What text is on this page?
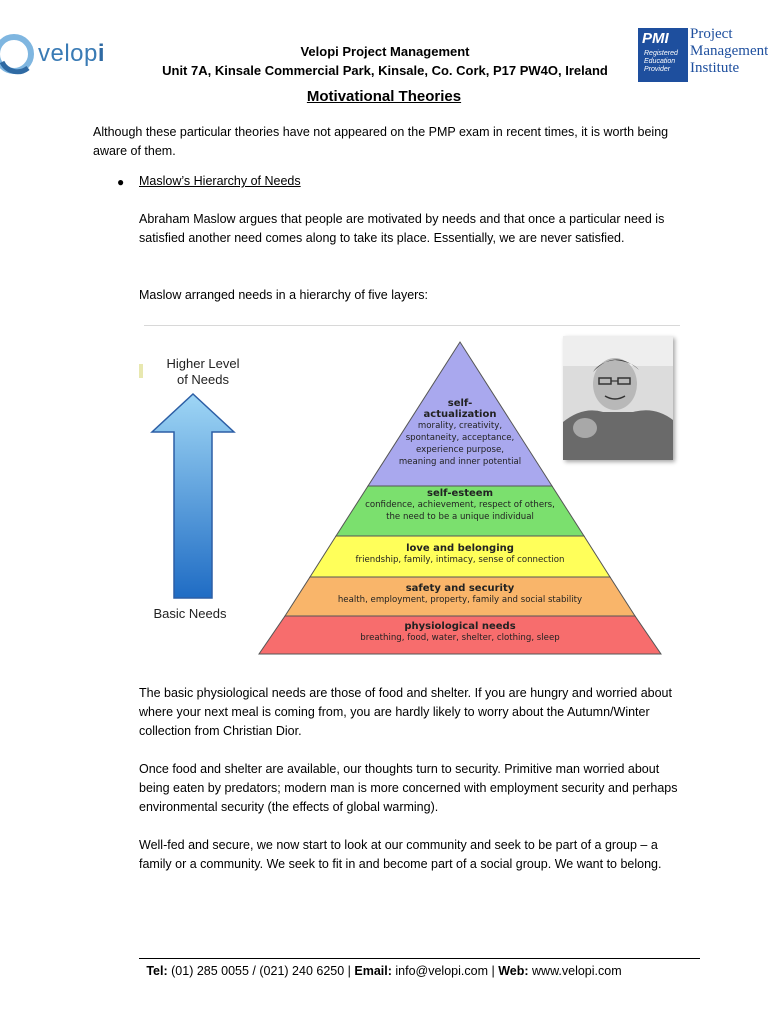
velopi	Velopi Project Management
Unit 7A, Kinsale Commercial Park, Kinsale, Co. Cork, P17 PW4O, Ireland
PMI
Registered
Education
Provider
Project
Management
Institute
Motivational Theories
Although these particular theories have not appeared on the PMP exam in recent times, it is worth being aware of them.
● Maslow’s Hierarchy of Needs
Abraham Maslow argues that people are motivated by needs and that once a particular need is satisfied another need comes along to take its place. Essentially, we are never satisfied.
Maslow arranged needs in a hierarchy of five layers:
Higher Level
of Needs
Basic Needs
self-
actualization
morality, creativity,
spontaneity, acceptance,
experience purpose,
meaning and inner potential
self-esteem
confidence, achievement, respect of others,
the need to be a unique individual
love and belonging
friendship, family, intimacy, sense of connection
safety and security
health, employment, property, family and social stability
physiological needs
breathing, food, water, shelter, clothing, sleep
The basic physiological needs are those of food and shelter. If you are hungry and worried about where your next meal is coming from, you are hardly likely to worry about the Autumn/Winter collection from Christian Dior.
Once food and shelter are available, our thoughts turn to security. Primitive man worried about being eaten by predators; modern man is more concerned with employment security and perhaps environmental security (the effects of global warming).
Well-fed and secure, we now start to look at our community and seek to be part of a group – a family or a community. We seek to fit in and become part of a social group. We want to belong.
Tel: (01) 285 0055 / (021) 240 6250 | Email: info@velopi.com | Web: www.velopi.com
